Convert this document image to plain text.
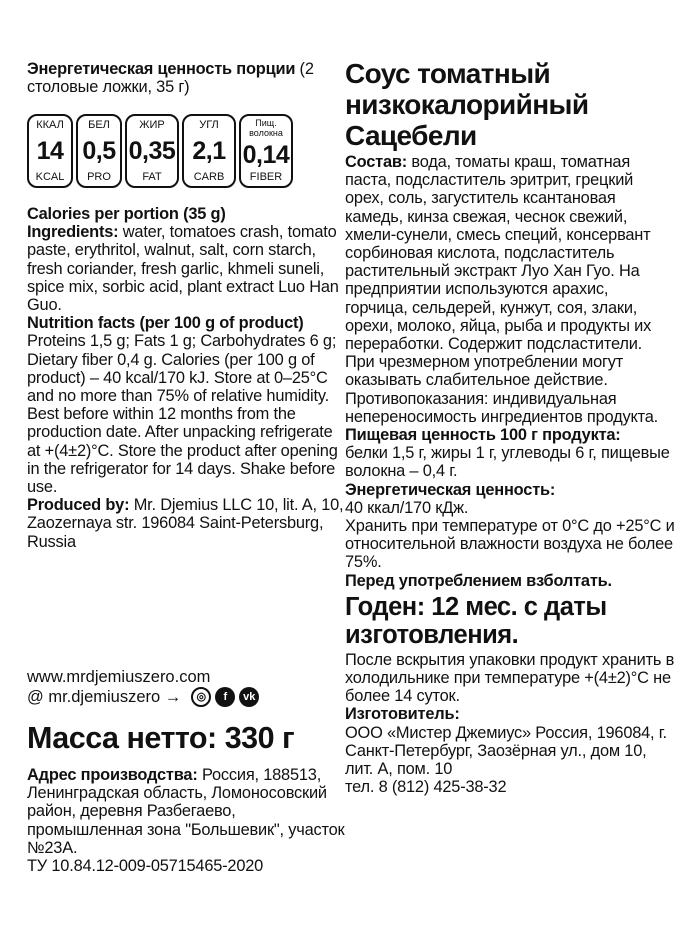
Энергетическая ценность порции (2 столовые ложки, 35 г)

ККАЛ
14
KCAL
БЕЛ
0,5
PRO
ЖИР
0,35
FAT
УГЛ
2,1
CARB
Пищ.
волокна
0,14
FIBER

Calories per portion (35 g)

Ingredients: water, tomatoes crash, tomato paste, erythritol, walnut, salt, corn starch, fresh coriander, fresh garlic, khmeli suneli, spice mix, sorbic acid, plant extract Luo Han Guo.

Nutrition facts (per 100 g of product)

Proteins 1,5 g; Fats 1 g; Carbohydrates 6 g; Dietary fiber 0,4 g. Calories (per 100 g of product) – 40 kcal/170 kJ. Store at 0–25°C and no more than 75% of relative humidity. Best before within 12 months from the production date. After unpacking refrigerate at +(4±2)°C. Store the product after opening in the refrigerator for 14 days. Shake before use.

Produced by: Mr. Djemius LLC 10, lit. A, 10, Zaozernaya str. 196084 Saint-Petersburg, Russia

www.mrdjemiuszero.com

@ mr.djemiuszero →	◎	f	vk

Масса нетто: 330 г

Адрес производства: Россия, 188513, Ленинградская область, Ломоносовский район, деревня Разбегаево, промышленная зона "Большевик", участок №23А.

ТУ 10.84.12-009-05715465-2020

Соус томатный низкокалорийный Сацебели

Состав: вода, томаты краш, томатная паста, подсластитель эритрит, грецкий орех, соль, загуститель ксантановая камедь, кинза свежая, чеснок свежий, хмели-сунели, смесь специй, консервант сорбиновая кислота, подсластитель растительный экстракт Луо Хан Гуо. На предприятии используются арахис, горчица, сельдерей, кунжут, соя, злаки, орехи, молоко, яйца, рыба и продукты их переработки. Содержит подсластители. При чрезмерном употреблении могут оказывать слабительное действие.

Противопоказания: индивидуальная непереносимость ингредиентов продукта.

Пищевая ценность 100 г продукта:

белки 1,5 г, жиры 1 г, углеводы 6 г, пищевые волокна – 0,4 г.

Энергетическая ценность:

40 ккал/170 кДж.

Хранить при температуре от 0°С до +25°С и относительной влажности воздуха не более 75%.

Перед употреблением взболтать.

Годен: 12 мес. с даты изготовления.

После вскрытия упаковки продукт хранить в холодильнике при температуре +(4±2)°С не более 14 суток.

Изготовитель:

ООО «Мистер Джемиус» Россия, 196084, г. Санкт-Петербург, Заозёрная ул., дом 10, лит. А, пом. 10

тел. 8 (812) 425-38-32
